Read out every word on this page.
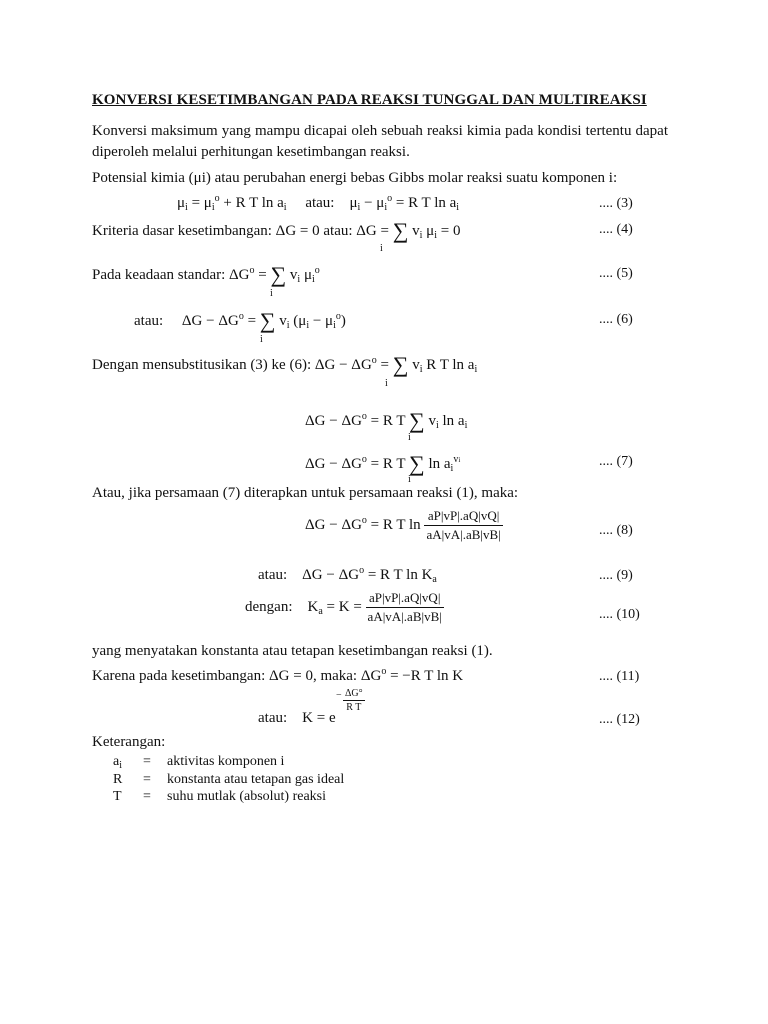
KONVERSI KESETIMBANGAN PADA REAKSI TUNGGAL DAN MULTIREAKSI
Konversi maksimum yang mampu dicapai oleh sebuah reaksi kimia pada kondisi tertentu dapat diperoleh melalui perhitungan kesetimbangan reaksi.
Potensial kimia (μi) atau perubahan energi bebas Gibbs molar reaksi suatu komponen i:
$\mu_i = \mu_i^o + R$ T $\ln a_i$ atau: $\mu_i - \mu_i^o = R$ T $\ln a_i$	.... (3)
Kriteria dasar kesetimbangan: ΔG = 0 atau: ΔG = ∑ $v_i$ $\mu_i = 0$
i
.... (4)
Pada keadaan standar: $\Delta G^o$ = ∑ $v_i$ $\mu_i^o$
i
.... (5)
atau: $\Delta G - \Delta G^o$ = ∑ $v_i$ $(\mu_i - \mu_i^o)$
i
.... (6)
Dengan mensubstitusikan (3) ke (6): $\Delta G - \Delta G^o$ = ∑ $v_i$ R T $\ln a_i$
i
$\Delta G - \Delta G^o = R$ T ∑ $v_i$ $\ln a_i$
i
$\Delta G - \Delta G^o = R$ T ∑ $\ln a_i^{vi}$
i
.... (7)
Atau, jika persamaan (7) diterapkan untuk persamaan reaksi (1), maka:
$\Delta G - \Delta G^o = R$ T $\ln \frac{aP|vP|.aQ|vQ|}{aA|vA|.aB|vB|}$	.... (8)
atau: $\Delta G - \Delta G^o = R$ T $\ln K_a$	.... (9)
dengan: $K_a = K = \frac{aP|vP|.aQ|vQ|}{aA|vA|.aB|vB|}$	.... (10)
yang menyatakan konstanta atau tetapan kesetimbangan reaksi (1).
Karena pada kesetimbangan: ΔG = 0, maka: $\Delta G^o = -R$ T ln K	.... (11)
atau: K = e
− $\frac{\Delta G^\circ}{\text{R T}}$
.... (12)
Keterangan:
$a_i$ = aktivitas komponen i
R = konstanta atau tetapan gas ideal
T = suhu mutlak (absolut) reaksi
